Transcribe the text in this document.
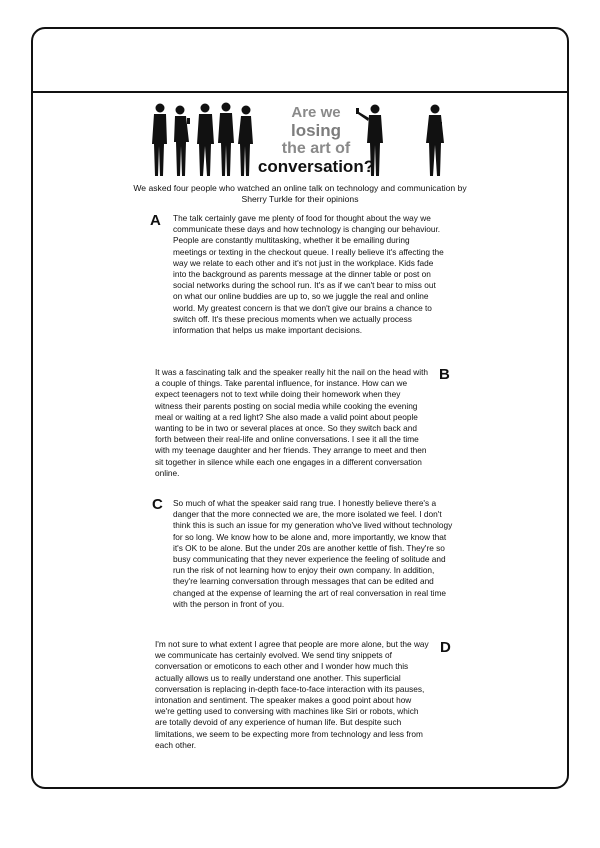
Are we
losing
the art of
conversation?
We asked four people who watched an online talk on technology and communication by Sherry Turkle for their opinions
A The talk certainly gave me plenty of food for thought about the way we communicate these days and how technology is changing our behaviour. People are constantly multitasking, whether it be emailing during meetings or texting in the checkout queue. I really believe it's affecting the way we relate to each other and it's not just in the workplace. Kids fade into the background as parents message at the dinner table or post on social networks during the school run. It's as if we can't bear to miss out on what our online buddies are up to, so we juggle the real and online world. My greatest concern is that we don't give our brains a chance to switch off. It's these precious moments when we actually process information that helps us make important decisions.
It was a fascinating talk and the speaker really hit the nail on the head with a couple of things. Take parental influence, for instance. How can we expect teenagers not to text while doing their homework when they witness their parents posting on social media while cooking the evening meal or waiting at a red light? She also made a valid point about people wanting to be in two or several places at once. So they switch back and forth between their real-life and online conversations. I see it all the time with my teenage daughter and her friends. They arrange to meet and then sit together in silence while each one engages in a different conversation online.
B
C So much of what the speaker said rang true. I honestly believe there's a danger that the more connected we are, the more isolated we feel. I don't think this is such an issue for my generation who've lived without technology for so long. We know how to be alone and, more importantly, we know that it's OK to be alone. But the under 20s are another kettle of fish. They're so busy communicating that they never experience the feeling of solitude and run the risk of not learning how to enjoy their own company. In addition, they're learning conversation through messages that can be edited and changed at the expense of learning the art of real conversation in real time with the person in front of you.
I'm not sure to what extent I agree that people are more alone, but the way we communicate has certainly evolved. We send tiny snippets of conversation or emoticons to each other and I wonder how much this actually allows us to really understand one another. This superficial conversation is replacing in-depth face-to-face interaction with its pauses, intonation and sentiment. The speaker makes a good point about how we're getting used to conversing with machines like Siri or robots, which are totally devoid of any experience of human life. But despite such limitations, we seem to be expecting more from technology and less from each other.
D
